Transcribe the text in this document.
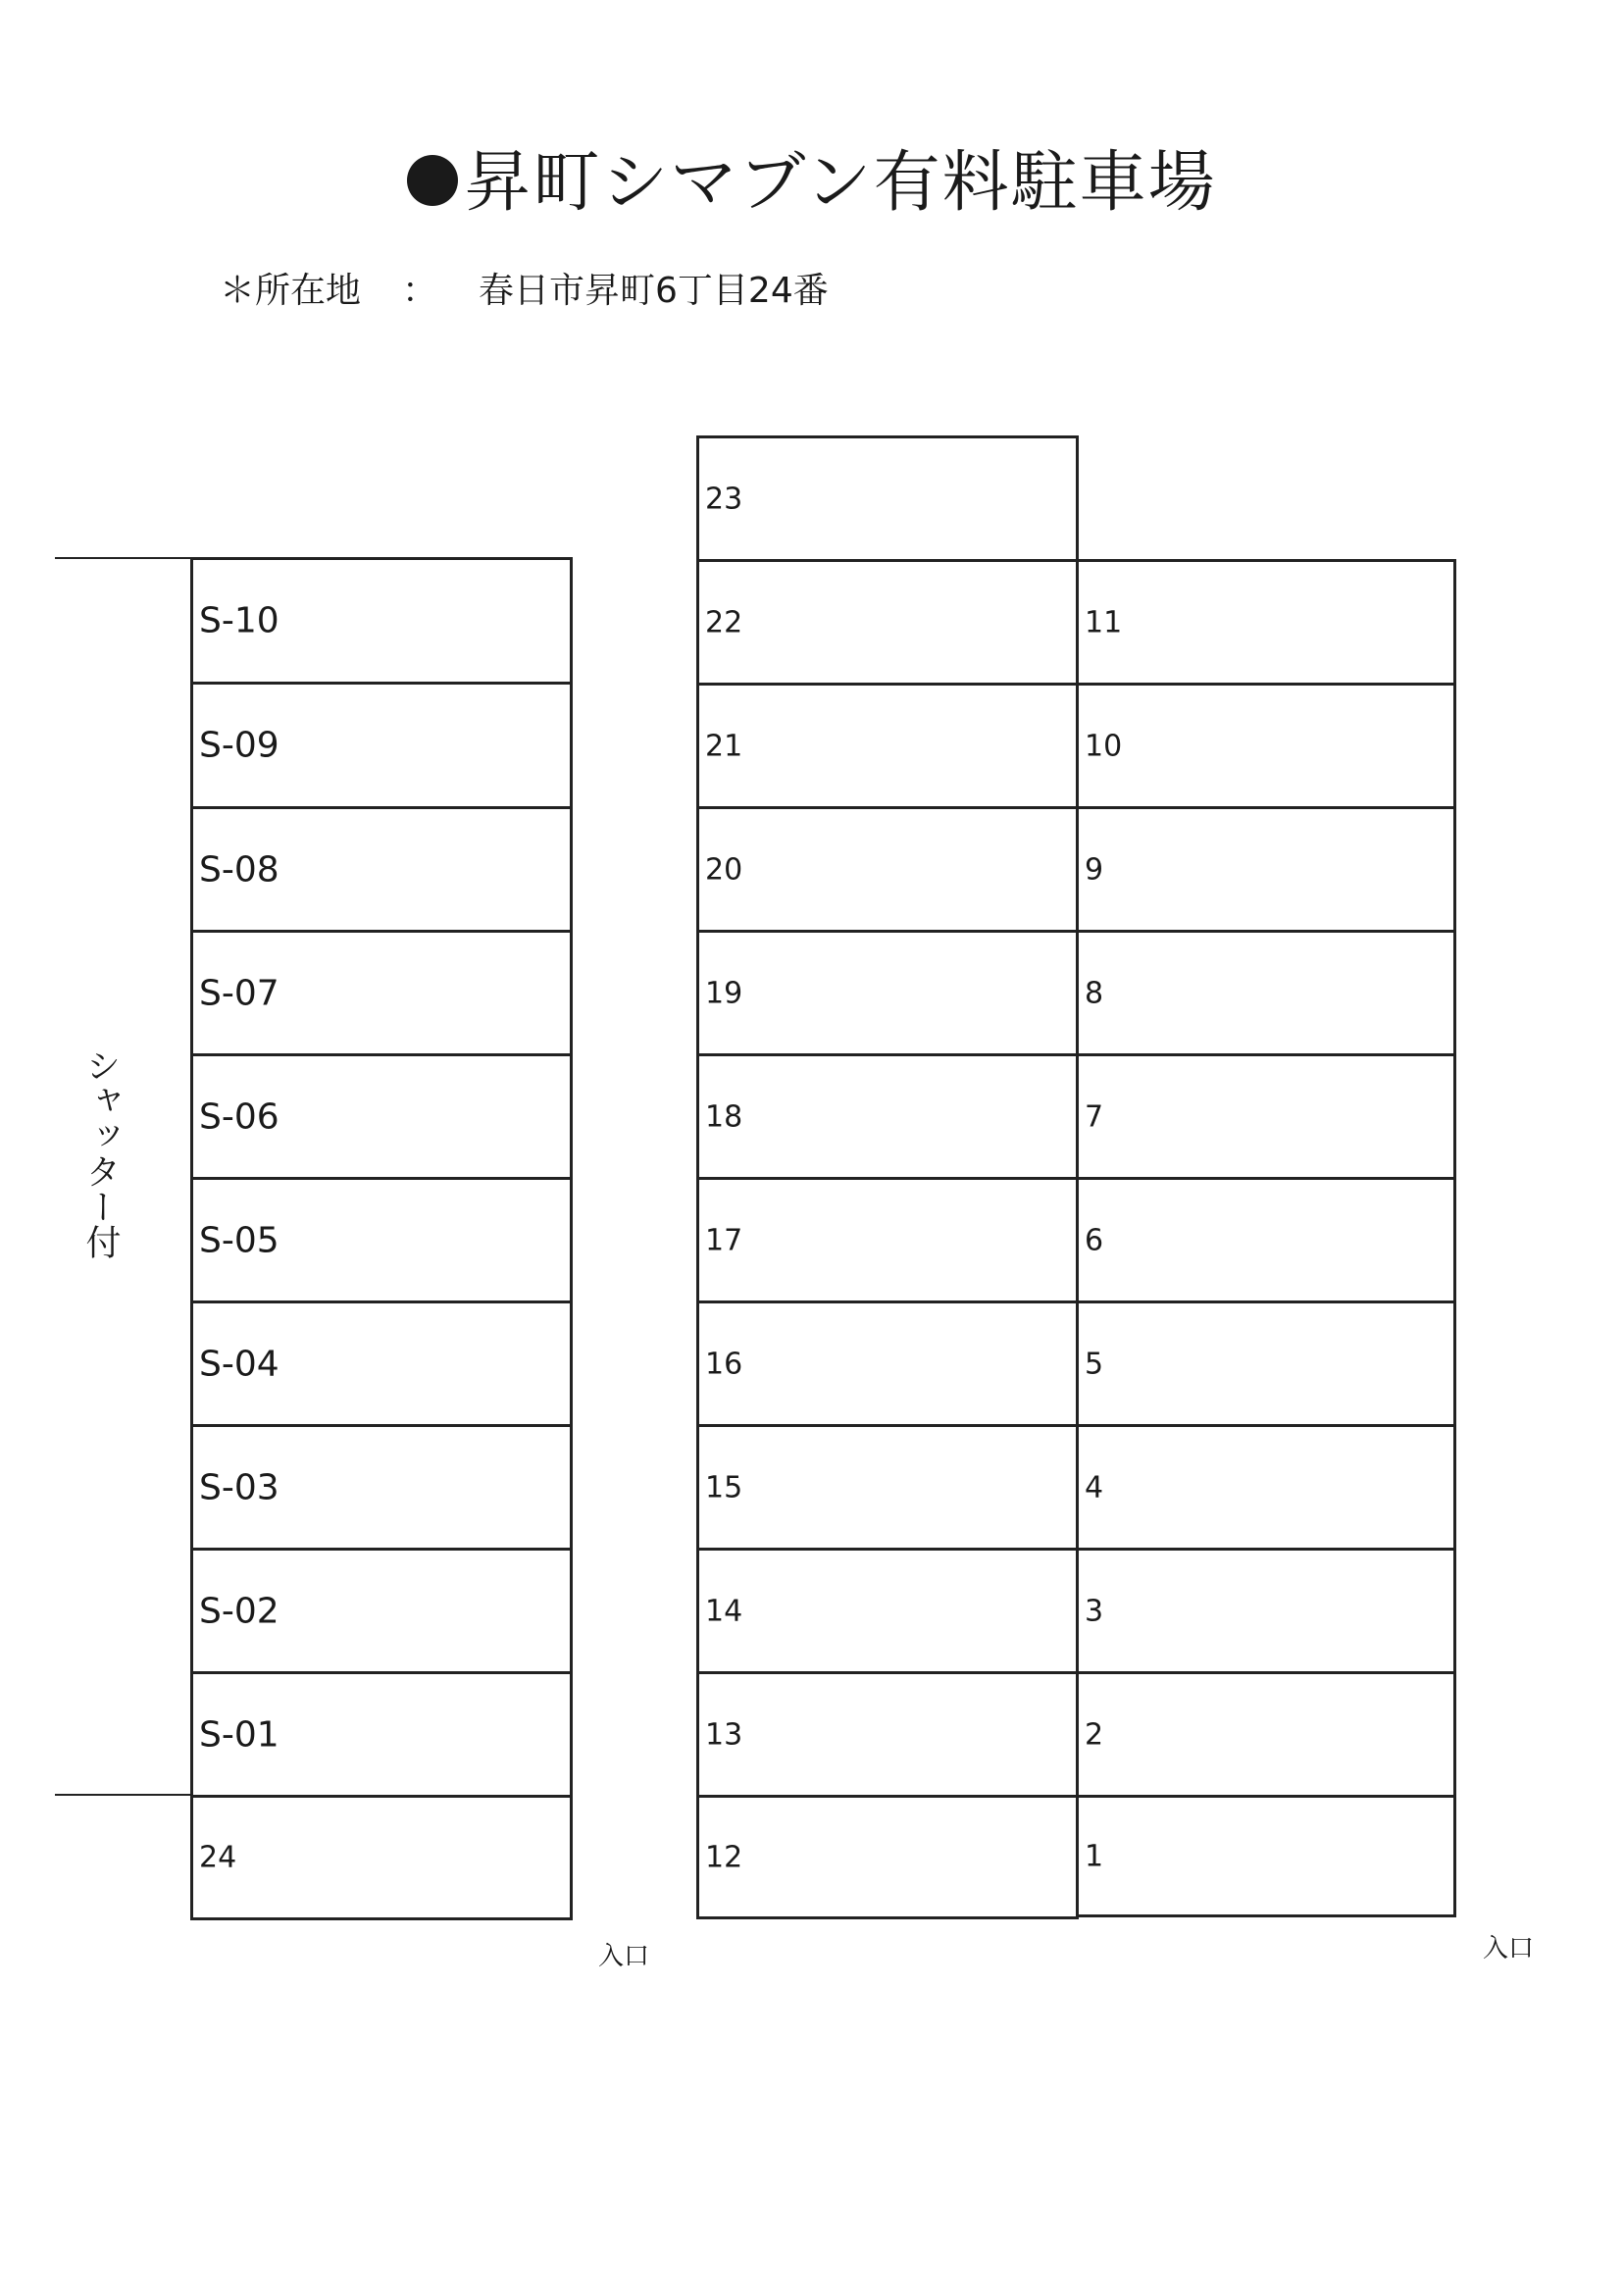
昇町シマブン有料駐車場
＊所在地 ： 春日市昇町6丁目24番
シャッター付
S-10
S-09
S-08
S-07
S-06
S-05
S-04
S-03
S-02
S-01
24
23
22
21
20
19
18
17
16
15
14
13
12
11
10
9
8
7
6
5
4
3
2
1
入口	入口
